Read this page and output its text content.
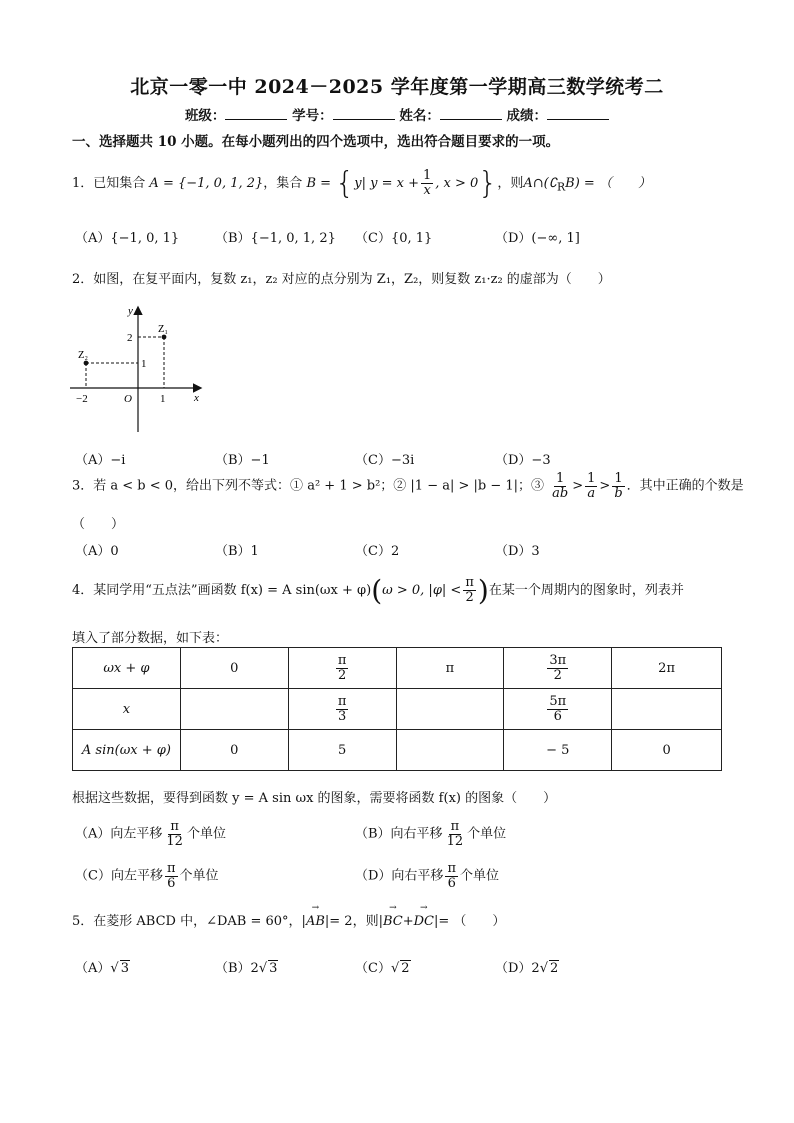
北京一零一中 2024－2025 学年度第一学期高三数学统考二
班级：	学号：	姓名：	成绩：
一、选择题共 10 小题。在每小题列出的四个选项中，选出符合题目要求的一项。
1．已知集合 A = {−1, 0, 1, 2}，集合 B = {y| $y = x + \frac{1}{x}$ , x > 0}，则$A\cap(∁_RB)$ = （　　）
（A）{−1, 0, 1}	（B）{−1, 0, 1, 2} （C）{0, 1}	（D）(−∞, 1]
2．如图，在复平面内，复数 z₁，z₂ 对应的点分别为 Z₁，Z₂，则复数 z₁·z₂ 的虚部为（　　）
y
x
O
2
1
−2	1
Z₁
Z₂
（A）−i	（B）−1	（C）−3i	（D）−3
3．若 a < b < 0，给出下列不等式：① a² + 1 > b²；② |1 − a| > |b − 1|；③ $\frac{1}{ab} > \frac{1}{a} > \frac{1}{b}$ ．其中正确的个数是
（　　）
（A）0	（B）1	（C）2	（D）3
4．某同学用“五点法”画函数 f(x) = A sin(ωx + φ)(ω > 0, $|\varphi| < \frac{\pi}{2}$ )在某一个周期内的图象时，列表并
填入了部分数据，如下表：
ωx + φ	0	$\frac{\pi}{2}$	π	$\frac{3\pi}{2}$	2π
x		$\frac{\pi}{3}$		$\frac{5\pi}{6}$

A sin(ωx + φ)	0	5		− 5	0
根据这些数据，要得到函数 y = A sin ωx 的图象，需要将函数 f(x) 的图象（　　）
（A）向左平移 $\frac{\pi}{12}$ 个单位	（B）向右平移 $\frac{\pi}{12}$ 个单位
（C）向左平移 $\frac{\pi}{6}$ 个单位	（D）向右平移 $\frac{\pi}{6}$ 个单位
5．在菱形 ABCD 中，∠DAB = 60°，|→ AB|= 2，则|→ BC+→ DC|= （　　）
（A）√ 3	（B）2√ 3	（C）√ 2	（D）2√ 2
